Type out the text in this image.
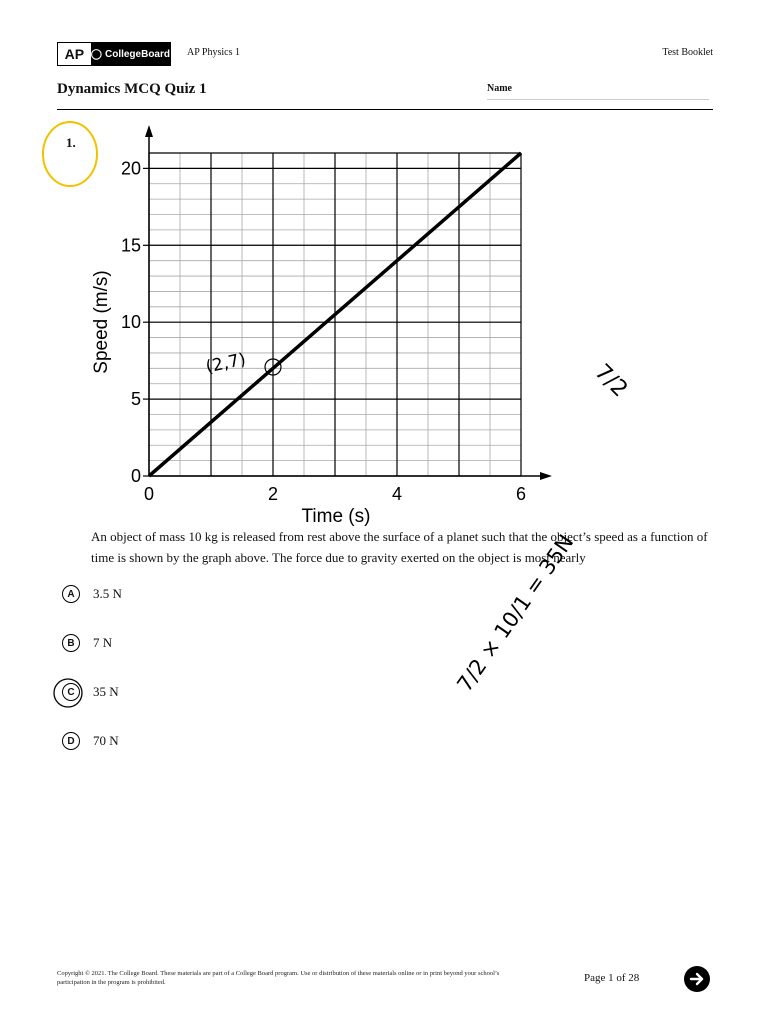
AP ◯ CollegeBoard AP Physics 1	Test Booklet
Dynamics MCQ Quiz 1	Name
1.
0	2	4	6
0
5
10
15
20
Time (s)
Speed (m/s)
An object of mass 10 kg is released from rest above the surface of a planet such that the object’s speed as a function of time is shown by the graph above. The force due to gravity exerted on the object is most nearly
A	3.5 N
B	7 N
C	35 N
D	70 N
(2,7)	7/2
7/2 × 10/1 = 35N
Copyright © 2021. The College Board. These materials are part of a College Board program. Use or distribution of these materials online or in print beyond your school’s participation in the program is prohibited.	Page 1 of 28
